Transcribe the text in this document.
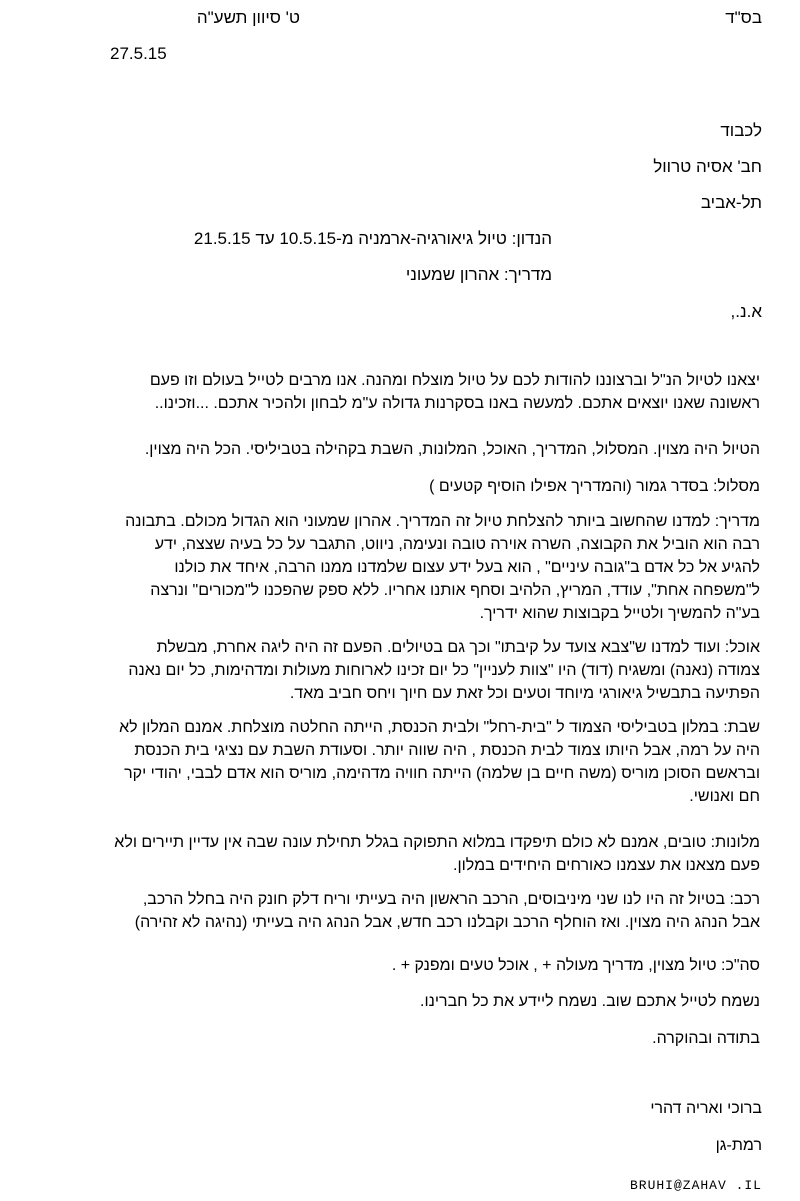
בס"ד
ט' סיוון תשע"ה
27.5.15
לכבוד
חב' אסיה טרוול
תל-אביב
הנדון: טיול גיאורגיה-ארמניה מ-10.5.15 עד 21.5.15
מדריך: אהרון שמעוני
א.נ.,
יצאנו לטיול הנ"ל וברצוננו להודות לכם על טיול מוצלח ומהנה. אנו מרבים לטייל בעולם וזו פעם
ראשונה שאנו יוצאים אתכם. למעשה באנו בסקרנות גדולה ע"מ לבחון ולהכיר אתכם. ...וזכינו..
הטיול היה מצוין. המסלול, המדריך, האוכל, המלונות, השבת בקהילה בטביליסי. הכל היה מצוין.
מסלול: בסדר גמור (והמדריך אפילו הוסיף קטעים )
מדריך: למדנו שהחשוב ביותר להצלחת טיול זה המדריך. אהרון שמעוני הוא הגדול מכולם. בתבונה
רבה הוא הוביל את הקבוצה, השרה אוירה טובה ונעימה, ניווט, התגבר על כל בעיה שצצה, ידע
להגיע אל כל אדם ב"גובה עיניים" , הוא בעל ידע עצום שלמדנו ממנו הרבה, איחד את כולנו
ל"משפחה אחת", עודד, המריץ, הלהיב וסחף אותנו אחריו. ללא ספק שהפכנו ל"מכורים" ונרצה
בע"ה להמשיך ולטייל בקבוצות שהוא ידריך.
אוכל: ועוד למדנו ש"צבא צועד על קיבתו" וכך גם בטיולים. הפעם זה היה ליגה אחרת, מבשלת
צמודה (נאנה) ומשגיח (דוד) היו "צוות לעניין" כל יום זכינו לארוחות מעולות ומדהימות, כל יום נאנה
הפתיעה בתבשיל גיאורגי מיוחד וטעים וכל זאת עם חיוך ויחס חביב מאד.
שבת: במלון בטביליסי הצמוד ל "בית-רחל" ולבית הכנסת, הייתה החלטה מוצלחת. אמנם המלון לא
היה על רמה, אבל היותו צמוד לבית הכנסת , היה שווה יותר. וסעודת השבת עם נציגי בית הכנסת
ובראשם הסוכן מוריס (משה חיים בן שלמה) הייתה חוויה מדהימה, מוריס הוא אדם לבבי, יהודי יקר
חם ואנושי.
מלונות: טובים, אמנם לא כולם תיפקדו במלוא התפוקה בגלל תחילת עונה שבה אין עדיין תיירים ולא
פעם מצאנו את עצמנו כאורחים היחידים במלון.
רכב: בטיול זה היו לנו שני מיניבוסים, הרכב הראשון היה בעייתי וריח דלק חונק היה בחלל הרכב,
אבל הנהג היה מצוין. ואז הוחלף הרכב וקבלנו רכב חדש, אבל הנהג היה בעייתי (נהיגה לא זהירה)
סה"כ: טיול מצוין, מדריך מעולה + , אוכל טעים ומפנק + .
נשמח לטייל אתכם שוב. נשמח ליידע את כל חברינו.
בתודה ובהוקרה.
ברוכי ואריה דהרי
רמת-גן
BRUHI@ZAHAV .IL
